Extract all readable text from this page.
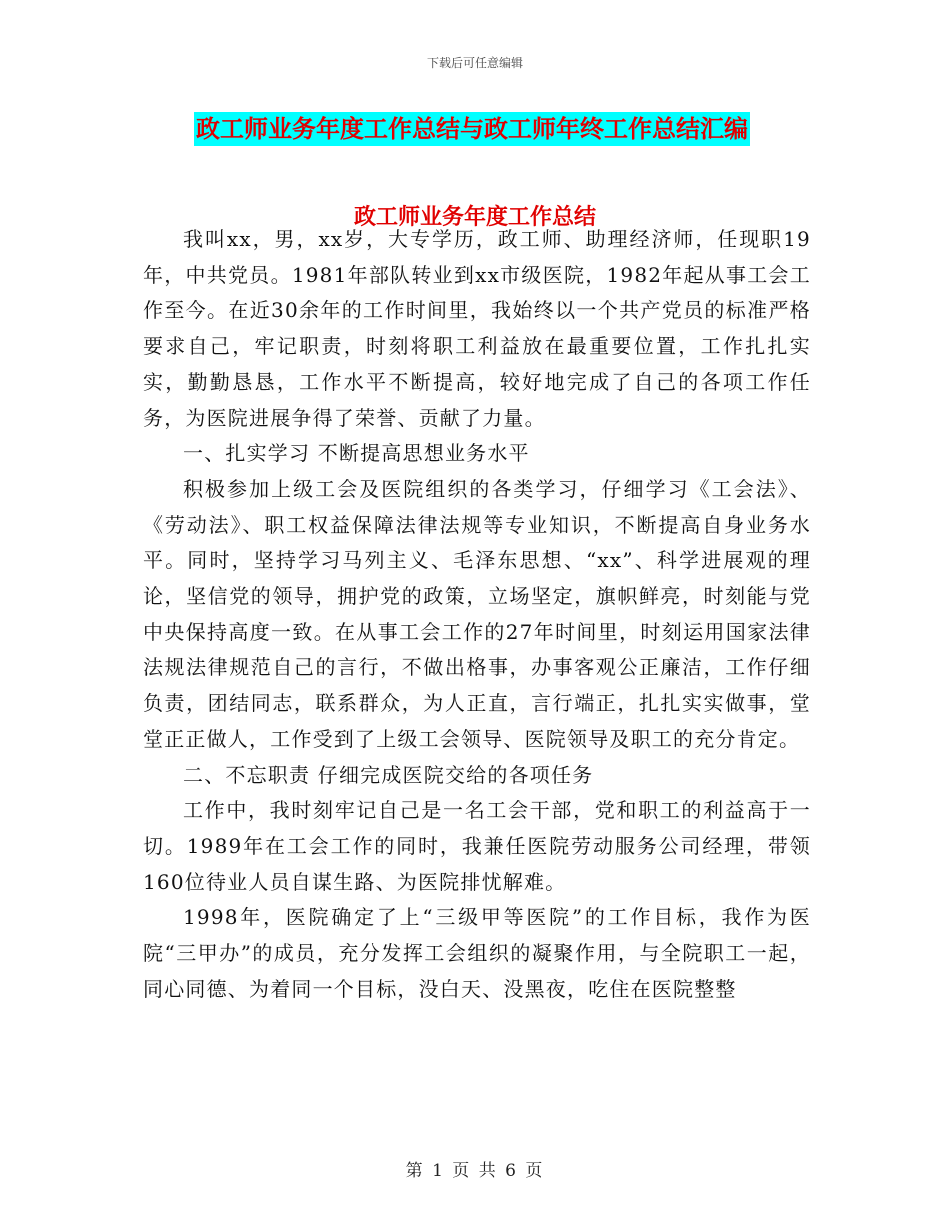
下载后可任意编辑
政工师业务年度工作总结与政工师年终工作总结汇编
政工师业务年度工作总结

我叫xx，男，xx岁，大专学历，政工师、助理经济师，任现职19年，中共党员。1981年部队转业到xx市级医院，1982年起从事工会工作至今。在近30余年的工作时间里，我始终以一个共产党员的标准严格要求自己，牢记职责，时刻将职工利益放在最重要位置，工作扎扎实实，勤勤恳恳，工作水平不断提高，较好地完成了自己的各项工作任务，为医院进展争得了荣誉、贡献了力量。

一、扎实学习 不断提高思想业务水平

积极参加上级工会及医院组织的各类学习，仔细学习《工会法》、《劳动法》、职工权益保障法律法规等专业知识，不断提高自身业务水平。同时，坚持学习马列主义、毛泽东思想、“xx”、科学进展观的理论，坚信党的领导，拥护党的政策，立场坚定，旗帜鲜亮，时刻能与党中央保持高度一致。在从事工会工作的27年时间里，时刻运用国家法律法规法律规范自己的言行，不做出格事，办事客观公正廉洁，工作仔细负责，团结同志，联系群众，为人正直，言行端正，扎扎实实做事，堂堂正正做人，工作受到了上级工会领导、医院领导及职工的充分肯定。

二、不忘职责 仔细完成医院交给的各项任务

工作中，我时刻牢记自己是一名工会干部，党和职工的利益高于一切。1989年在工会工作的同时，我兼任医院劳动服务公司经理，带领160位待业人员自谋生路、为医院排忧解难。

1998年，医院确定了上“三级甲等医院”的工作目标，我作为医院“三甲办”的成员，充分发挥工会组织的凝聚作用，与全院职工一起，同心同德、为着同一个目标，没白天、没黑夜，吃住在医院整整

第 1 页 共 6 页
